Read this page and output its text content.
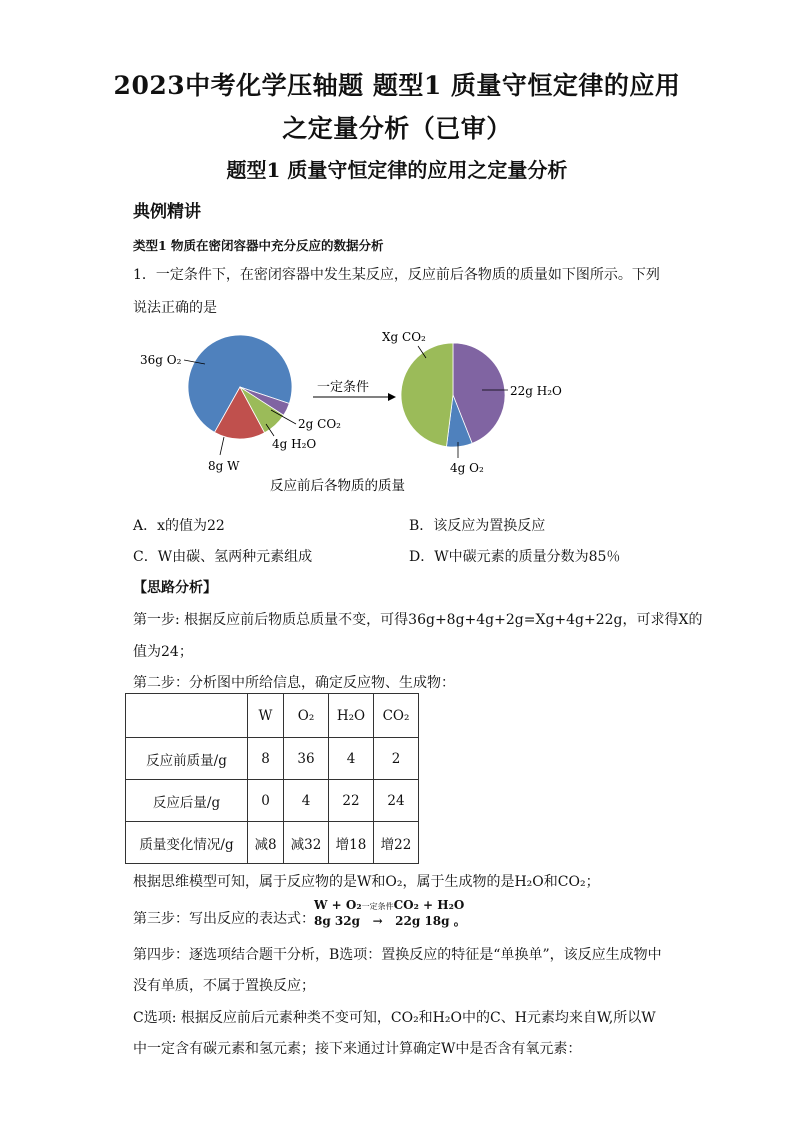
2023中考化学压轴题 题型1 质量守恒定律的应用
之定量分析（已审）
题型1 质量守恒定律的应用之定量分析
典例精讲
类型1 物质在密闭容器中充分反应的数据分析
1．一定条件下，在密闭容器中发生某反应，反应前后各物质的质量如下图所示。下列
说法正确的是
一定条件
36g O₂
2g CO₂
4g H₂O
8g W
Xg CO₂
22g H₂O
4g O₂
反应前后各物质的质量
A．x的值为22	B．该反应为置换反应
C．W由碳、氢两种元素组成	D．W中碳元素的质量分数为85％
【思路分析】
第一步: 根据反应前后物质总质量不变，可得36g+8g+4g+2g=Xg+4g+22g，可求得X的
值为24；
第二步：分析图中所给信息，确定反应物、生成物：
	W	O₂	H₂O	CO₂
反应前质量/g	8	36	4	2
反应后量/g	0	4	22	24
质量变化情况/g	减8	减32	增18	增22
根据思维模型可知，属于反应物的是W和O₂，属于生成物的是H₂O和CO₂；
第三步：写出反应的表达式：
W + O₂一定条件CO₂ + H₂O
8g 32g → 22g 18g 。
第四步：逐选项结合题干分析，B选项：置换反应的特征是“单换单”，该反应生成物中
没有单质，不属于置换反应；
C选项: 根据反应前后元素种类不变可知，CO₂和H₂O中的C、H元素均来自W,所以W
中一定含有碳元素和氢元素；接下来通过计算确定W中是否含有氧元素：
